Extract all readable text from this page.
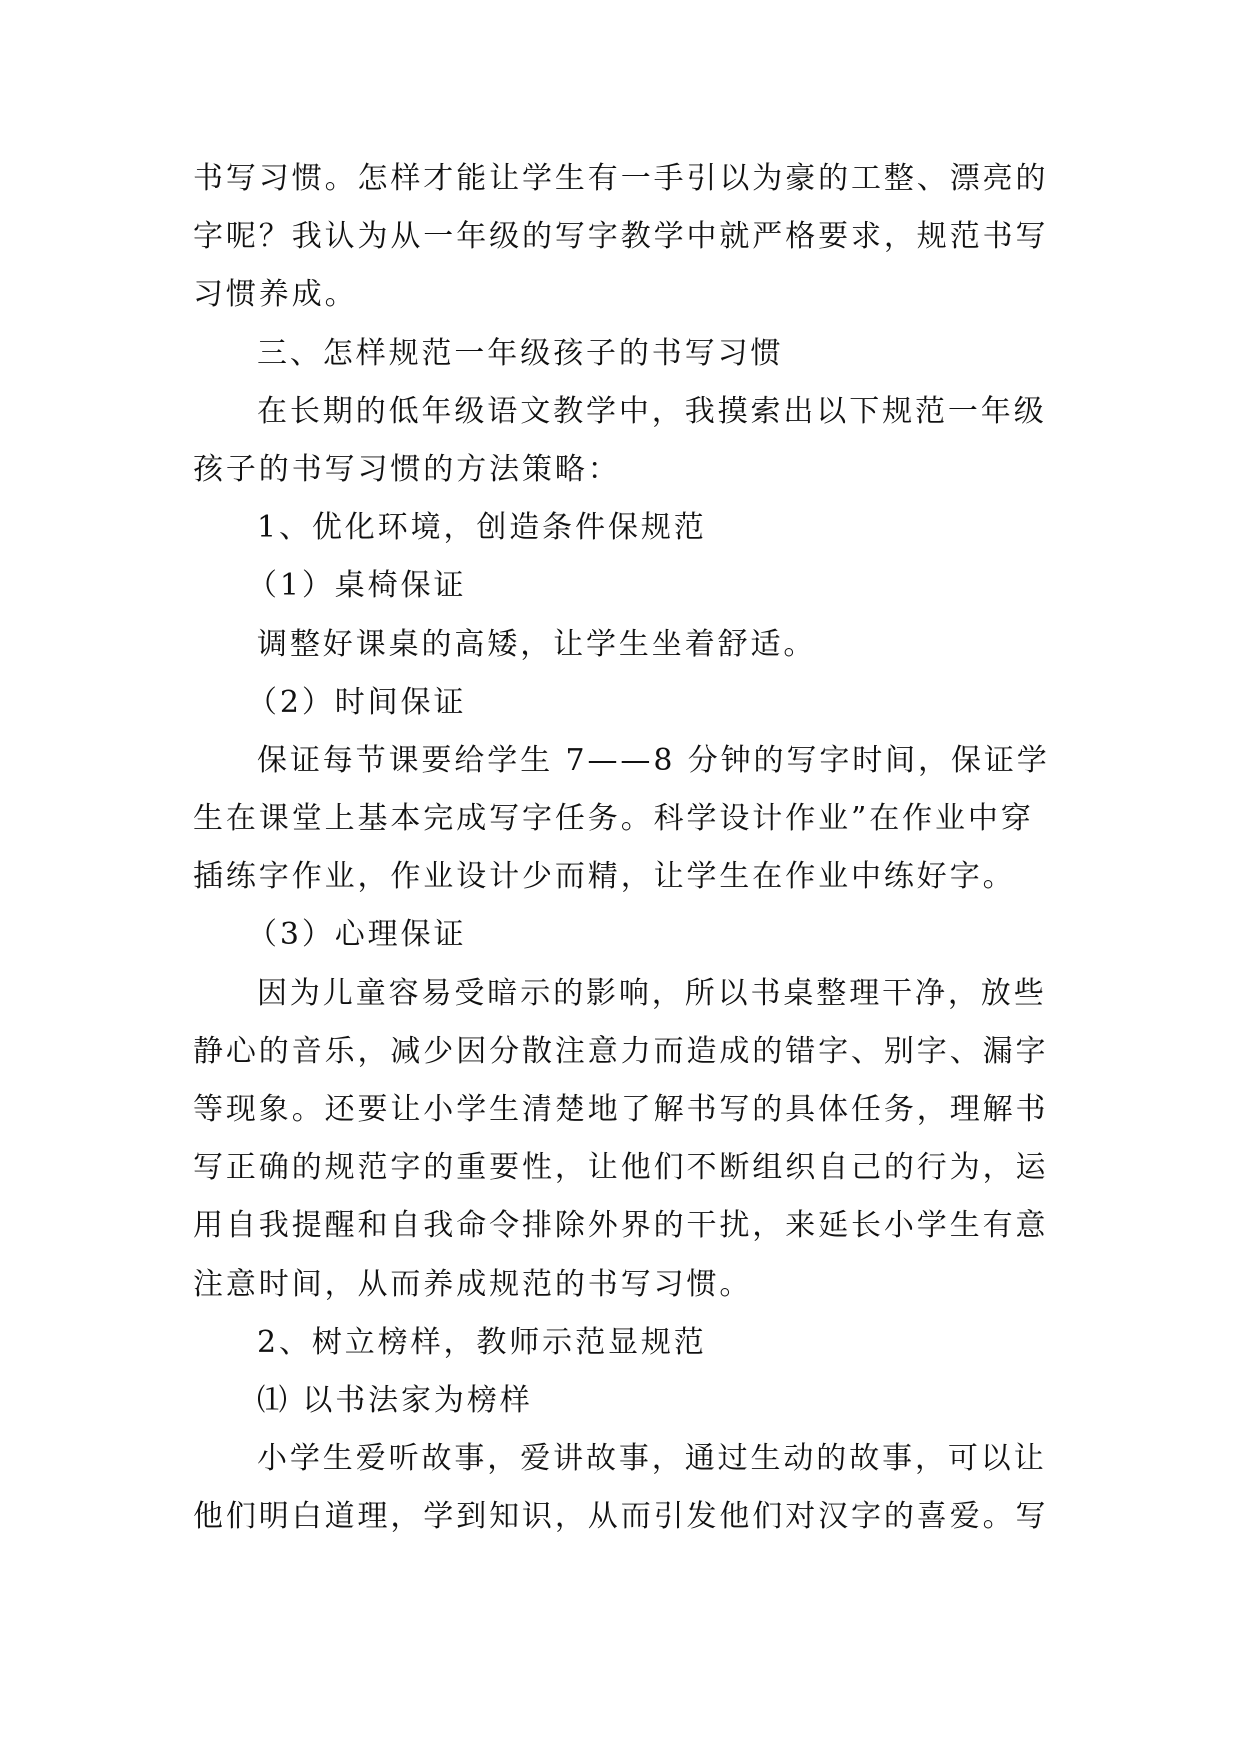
书写习惯。怎样才能让学生有一手引以为豪的工整、漂亮的
字呢？我认为从一年级的写字教学中就严格要求，规范书写
习惯养成。
三、怎样规范一年级孩子的书写习惯
在长期的低年级语文教学中，我摸索出以下规范一年级
孩子的书写习惯的方法策略：
1、优化环境，创造条件保规范
（1）桌椅保证
调整好课桌的高矮，让学生坐着舒适。
（2）时间保证
保证每节课要给学生 7——8 分钟的写字时间，保证学
生在课堂上基本完成写字任务。科学设计作业”在作业中穿
插练字作业，作业设计少而精，让学生在作业中练好字。
（3）心理保证
因为儿童容易受暗示的影响，所以书桌整理干净，放些
静心的音乐，减少因分散注意力而造成的错字、别字、漏字
等现象。还要让小学生清楚地了解书写的具体任务，理解书
写正确的规范字的重要性，让他们不断组织自己的行为，运
用自我提醒和自我命令排除外界的干扰，来延长小学生有意
注意时间，从而养成规范的书写习惯。
2、树立榜样，教师示范显规范
⑴ 以书法家为榜样
小学生爱听故事，爱讲故事，通过生动的故事，可以让
他们明白道理，学到知识，从而引发他们对汉字的喜爱。写
